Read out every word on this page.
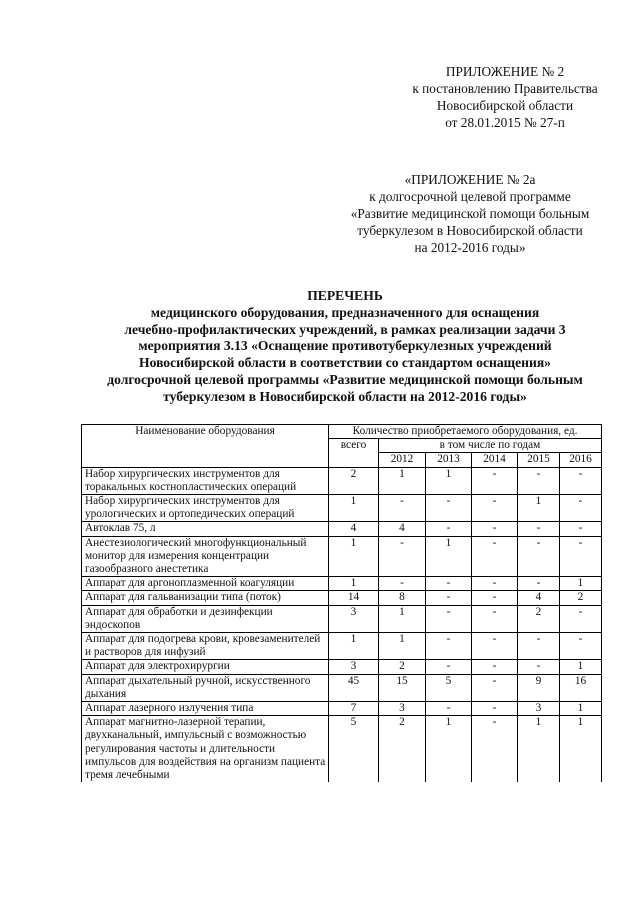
ПРИЛОЖЕНИЕ № 2
к постановлению Правительства
Новосибирской области
от 28.01.2015 № 27-п
«ПРИЛОЖЕНИЕ № 2а
к долгосрочной целевой программе
«Развитие медицинской помощи больным
туберкулезом в Новосибирской области
на 2012-2016 годы»
ПЕРЕЧЕНЬ
медицинского оборудования, предназначенного для оснащения
лечебно-профилактических учреждений, в рамках реализации задачи 3
мероприятия 3.13 «Оснащение противотуберкулезных учреждений
Новосибирской области в соответствии со стандартом оснащения»
долгосрочной целевой программы «Развитие медицинской помощи больным
туберкулезом в Новосибирской области на 2012-2016 годы»
Наименование оборудования	Количество приобретаемого оборудования, ед.					
	всего	в том числе по годам				
		2012	2013	2014	2015	2016
Набор хирургических инструментов для торакальных костнопластических операций	2	1	1	-	-	-
Набор хирургических инструментов для урологических и ортопедических операций	1	-	-	-	1	-
Автоклав 75, л	4	4	-	-	-	-
Анестезиологический многофункциональный монитор для измерения концентрации газообразного анестетика	1	-	1	-	-	-
Аппарат для аргоноплазменной коагуляции	1	-	-	-	-	1
Аппарат для гальванизации типа (поток)	14	8	-	-	4	2
Аппарат для обработки и дезинфекции эндоскопов	3	1	-	-	2	-
Аппарат для подогрева крови, кровезаменителей и растворов для инфузий	1	1	-	-	-	-
Аппарат для электрохирургии	3	2	-	-	-	1
Аппарат дыхательный ручной, искусственного дыхания	45	15	5	-	9	16
Аппарат лазерного излучения типа	7	3	-	-	3	1
Аппарат магнитно-лазерной терапии, двухканальный, импульсный с возможностью регулирования частоты и длительности импульсов для воздействия на организм пациента тремя лечебными	5	2	1	-	1	1
